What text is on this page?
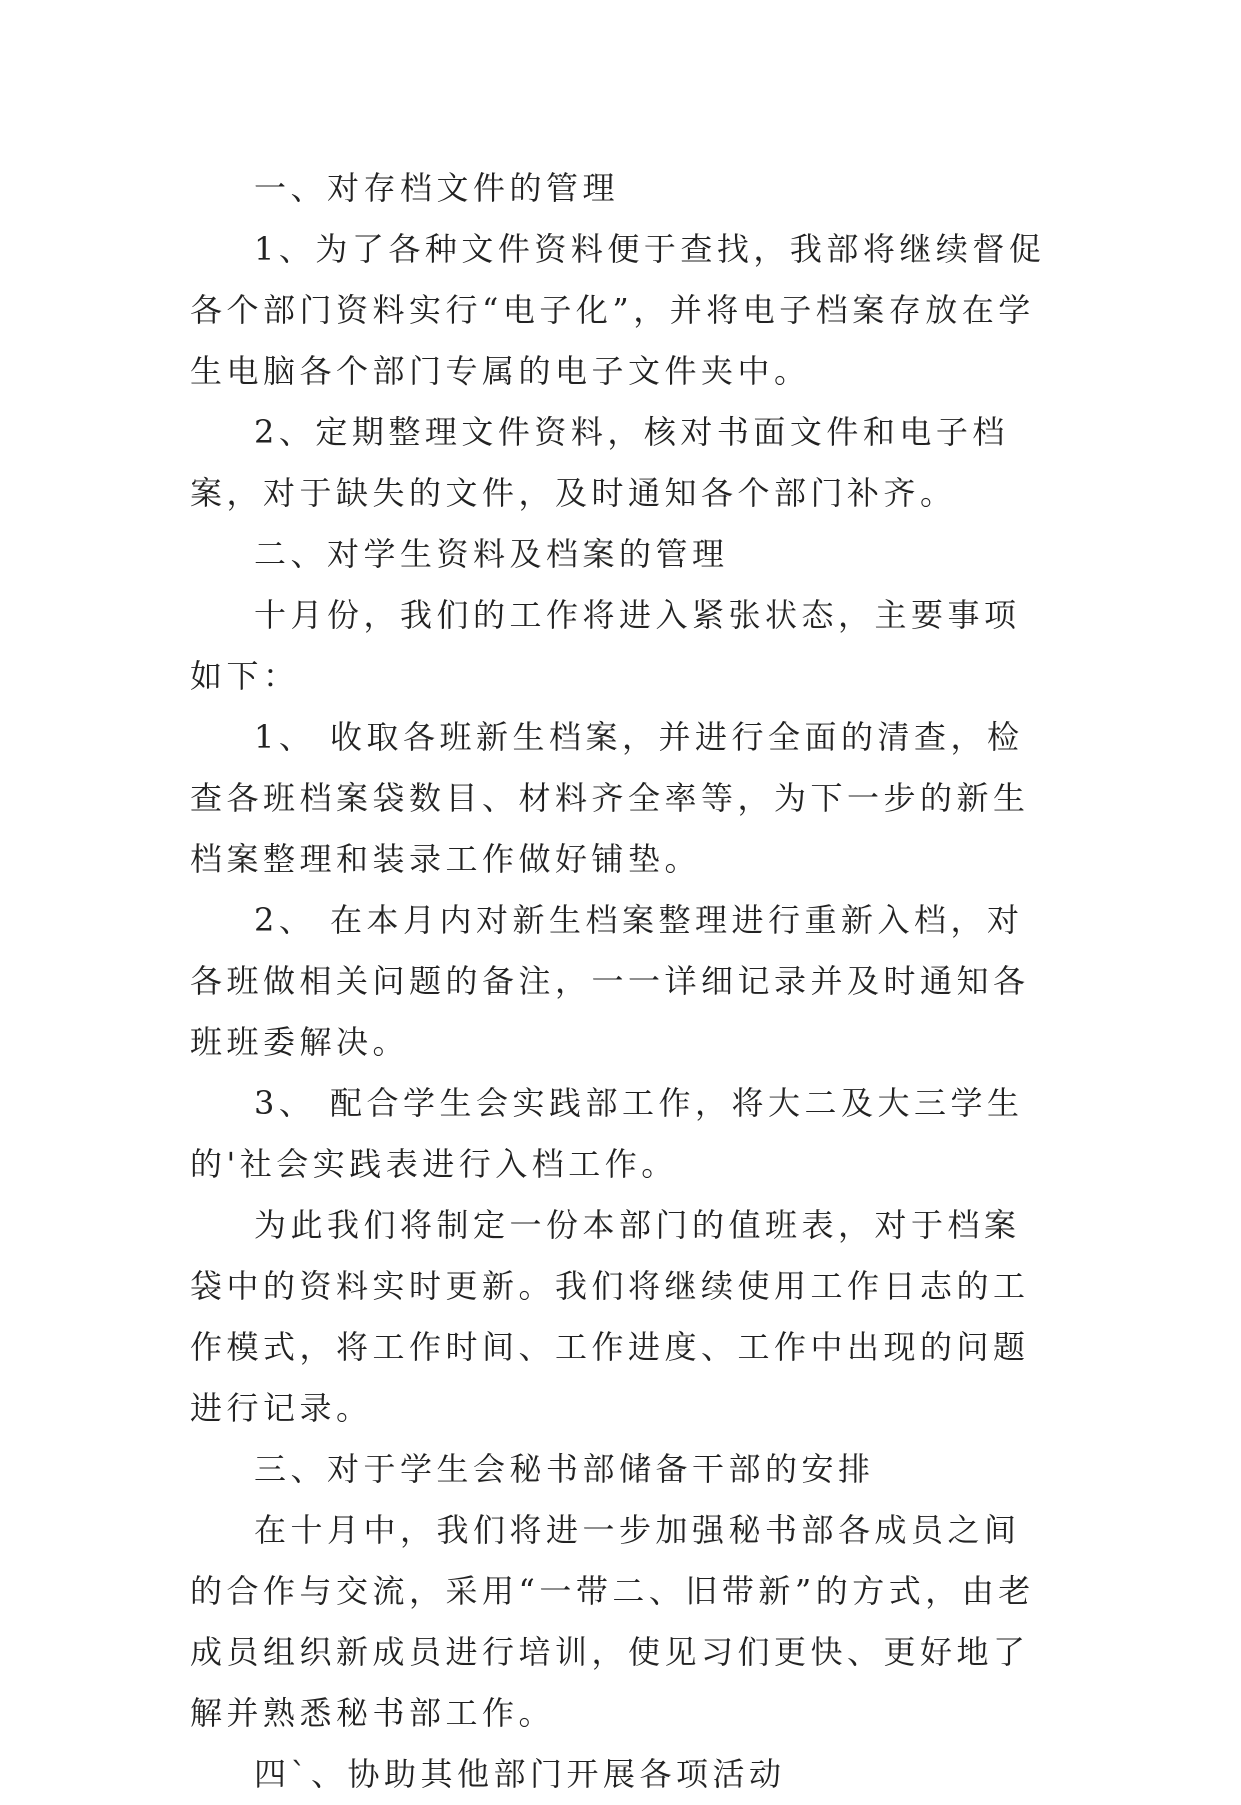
一、对存档文件的管理

1、为了各种文件资料便于查找，我部将继续督促各个部门资料实行“电子化”，并将电子档案存放在学生电脑各个部门专属的电子文件夹中。

2、定期整理文件资料，核对书面文件和电子档案，对于缺失的文件，及时通知各个部门补齐。

二、对学生资料及档案的管理

十月份，我们的工作将进入紧张状态，主要事项如下：

1、 收取各班新生档案，并进行全面的清查，检查各班档案袋数目、材料齐全率等，为下一步的新生档案整理和装录工作做好铺垫。

2、 在本月内对新生档案整理进行重新入档，对各班做相关问题的备注，一一详细记录并及时通知各班班委解决。

3、 配合学生会实践部工作，将大二及大三学生的'社会实践表进行入档工作。

为此我们将制定一份本部门的值班表，对于档案袋中的资料实时更新。我们将继续使用工作日志的工作模式，将工作时间、工作进度、工作中出现的问题进行记录。

三、对于学生会秘书部储备干部的安排

在十月中，我们将进一步加强秘书部各成员之间的合作与交流，采用“一带二、旧带新”的方式，由老成员组织新成员进行培训，使见习们更快、更好地了解并熟悉秘书部工作。

四`、协助其他部门开展各项活动
